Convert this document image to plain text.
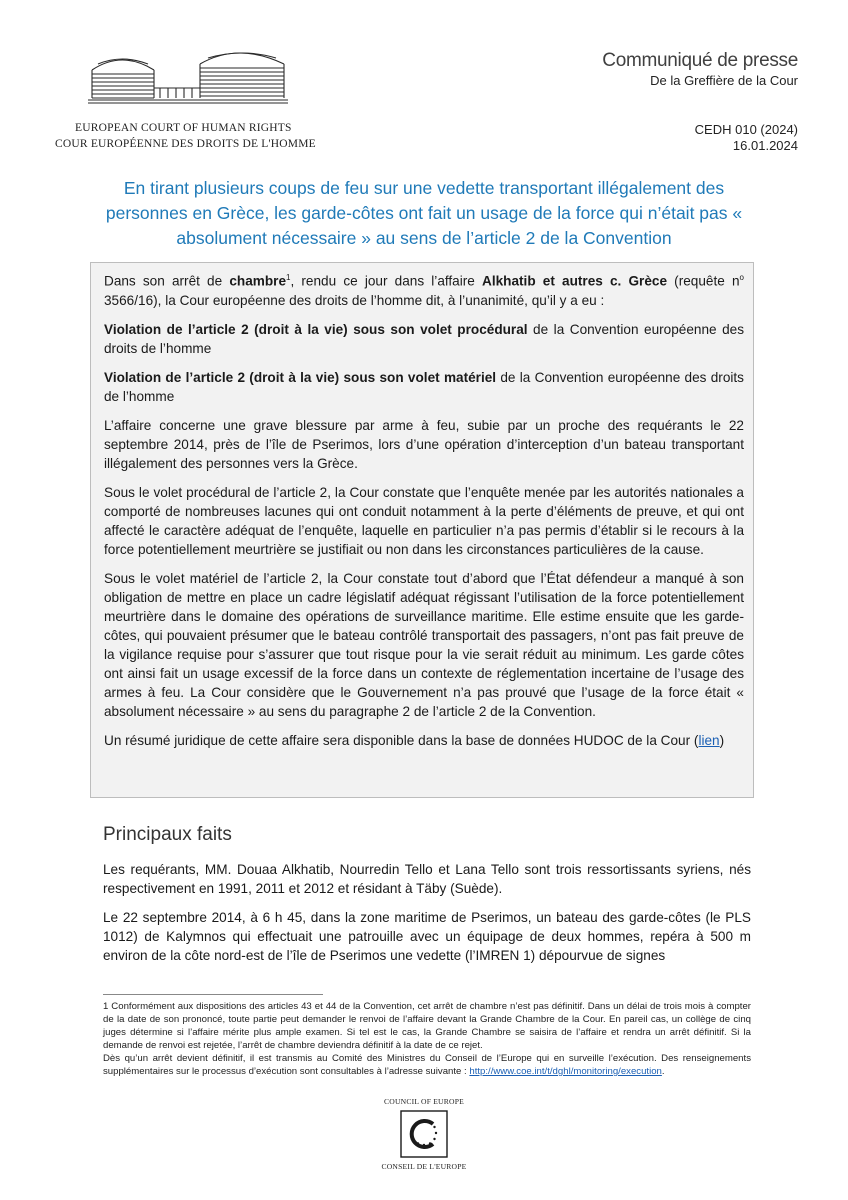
EUROPEAN COURT OF HUMAN RIGHTS
COUR EUROPÉENNE DES DROITS DE L'HOMME
Communiqué de presse
De la Greffière de la Cour
CEDH 010 (2024)
16.01.2024
En tirant plusieurs coups de feu sur une vedette transportant illégalement des personnes en Grèce, les garde-côtes ont fait un usage de la force qui n’était pas « absolument nécessaire » au sens de l’article 2 de la Convention

Dans son arrêt de chambre$^1$, rendu ce jour dans l’affaire Alkhatib et autres c. Grèce (requête $n^o$ 3566/16), la Cour européenne des droits de l’homme dit, à l’unanimité, qu’il y a eu :

Violation de l’article 2 (droit à la vie) sous son volet procédural de la Convention européenne des droits de l’homme

Violation de l’article 2 (droit à la vie) sous son volet matériel de la Convention européenne des droits de l’homme

L’affaire concerne une grave blessure par arme à feu, subie par un proche des requérants le 22 septembre 2014, près de l’île de Pserimos, lors d’une opération d’interception d’un bateau transportant illégalement des personnes vers la Grèce.

Sous le volet procédural de l’article 2, la Cour constate que l’enquête menée par les autorités nationales a comporté de nombreuses lacunes qui ont conduit notamment à la perte d’éléments de preuve, et qui ont affecté le caractère adéquat de l’enquête, laquelle en particulier n’a pas permis d’établir si le recours à la force potentiellement meurtrière se justifiait ou non dans les circonstances particulières de la cause.

Sous le volet matériel de l’article 2, la Cour constate tout d’abord que l’État défendeur a manqué à son obligation de mettre en place un cadre législatif adéquat régissant l’utilisation de la force potentiellement meurtrière dans le domaine des opérations de surveillance maritime. Elle estime ensuite que les garde-côtes, qui pouvaient présumer que le bateau contrôlé transportait des passagers, n’ont pas fait preuve de la vigilance requise pour s’assurer que tout risque pour la vie serait réduit au minimum. Les garde côtes ont ainsi fait un usage excessif de la force dans un contexte de réglementation incertaine de l’usage des armes à feu. La Cour considère que le Gouvernement n’a pas prouvé que l’usage de la force était « absolument nécessaire » au sens du paragraphe 2 de l’article 2 de la Convention.

Un résumé juridique de cette affaire sera disponible dans la base de données HUDOC de la Cour (lien)

Principaux faits

Les requérants, MM. Douaa Alkhatib, Nourredin Tello et Lana Tello sont trois ressortissants syriens, nés respectivement en 1991, 2011 et 2012 et résidant à Täby (Suède).

Le 22 septembre 2014, à 6 h 45, dans la zone maritime de Pserimos, un bateau des garde-côtes (le PLS 1012) de Kalymnos qui effectuait une patrouille avec un équipage de deux hommes, repéra à 500 m environ de la côte nord-est de l’île de Pserimos une vedette (l’IMREN 1) dépourvue de signes

1 Conformément aux dispositions des articles 43 et 44 de la Convention, cet arrêt de chambre n’est pas définitif. Dans un délai de trois mois à compter de la date de son prononcé, toute partie peut demander le renvoi de l’affaire devant la Grande Chambre de la Cour. En pareil cas, un collège de cinq juges détermine si l’affaire mérite plus ample examen. Si tel est le cas, la Grande Chambre se saisira de l’affaire et rendra un arrêt définitif. Si la demande de renvoi est rejetée, l’arrêt de chambre deviendra définitif à la date de ce rejet.

Dès qu’un arrêt devient définitif, il est transmis au Comité des Ministres du Conseil de l’Europe qui en surveille l’exécution. Des renseignements supplémentaires sur le processus d’exécution sont consultables à l’adresse suivante : http://www.coe.int/t/dghl/monitoring/execution.

COUNCIL OF EUROPE
CONSEIL DE L'EUROPE
